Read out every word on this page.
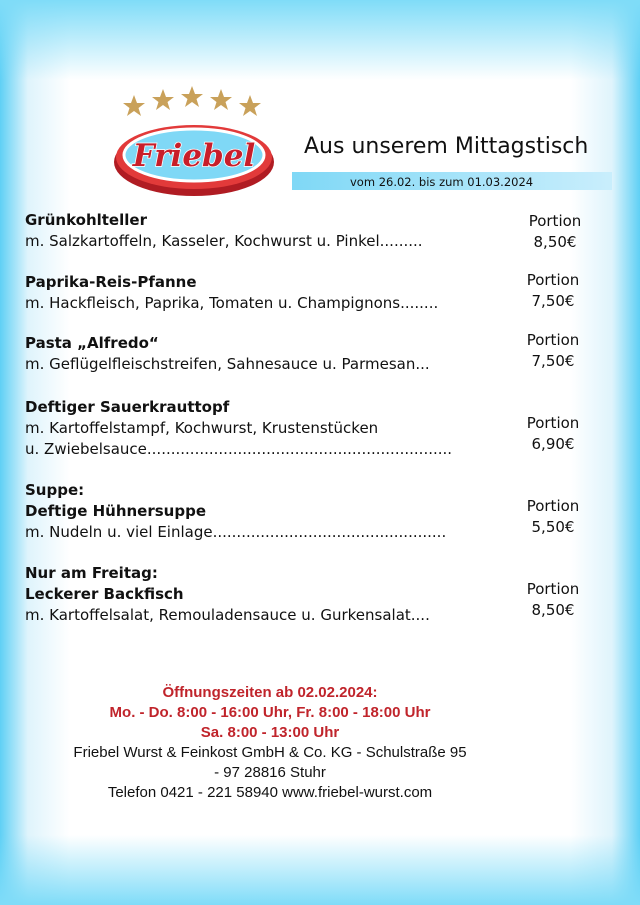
Friebel Aus unserem Mittagstisch
vom 26.02. bis zum 01.03.2024
Grünkohlteller
m. Salzkartoffeln, Kasseler, Kochwurst u. Pinkel.........
Portion
8,50€
Paprika-Reis-Pfanne
m. Hackfleisch, Paprika, Tomaten u. Champignons........
Portion
7,50€
Pasta „Alfredo“
m. Geflügelfleischstreifen, Sahnesauce u. Parmesan...
Portion
7,50€
Deftiger Sauerkrauttopf
m. Kartoffelstampf, Kochwurst, Krustenstücken
u. Zwiebelsauce................................................................
Portion
6,90€
Suppe:
Deftige Hühnersuppe
m. Nudeln u. viel Einlage.................................................
Portion
5,50€
Nur am Freitag:
Leckerer Backfisch
m. Kartoffelsalat, Remouladensauce u. Gurkensalat....
Portion
8,50€
Öffnungszeiten ab 02.02.2024:
Mo. - Do. 8:00 - 16:00 Uhr, Fr. 8:00 - 18:00 Uhr
Sa. 8:00 - 13:00 Uhr
Friebel Wurst & Feinkost GmbH & Co. KG - Schulstraße 95
- 97 28816 Stuhr
Telefon 0421 - 221 58940 www.friebel-wurst.com
